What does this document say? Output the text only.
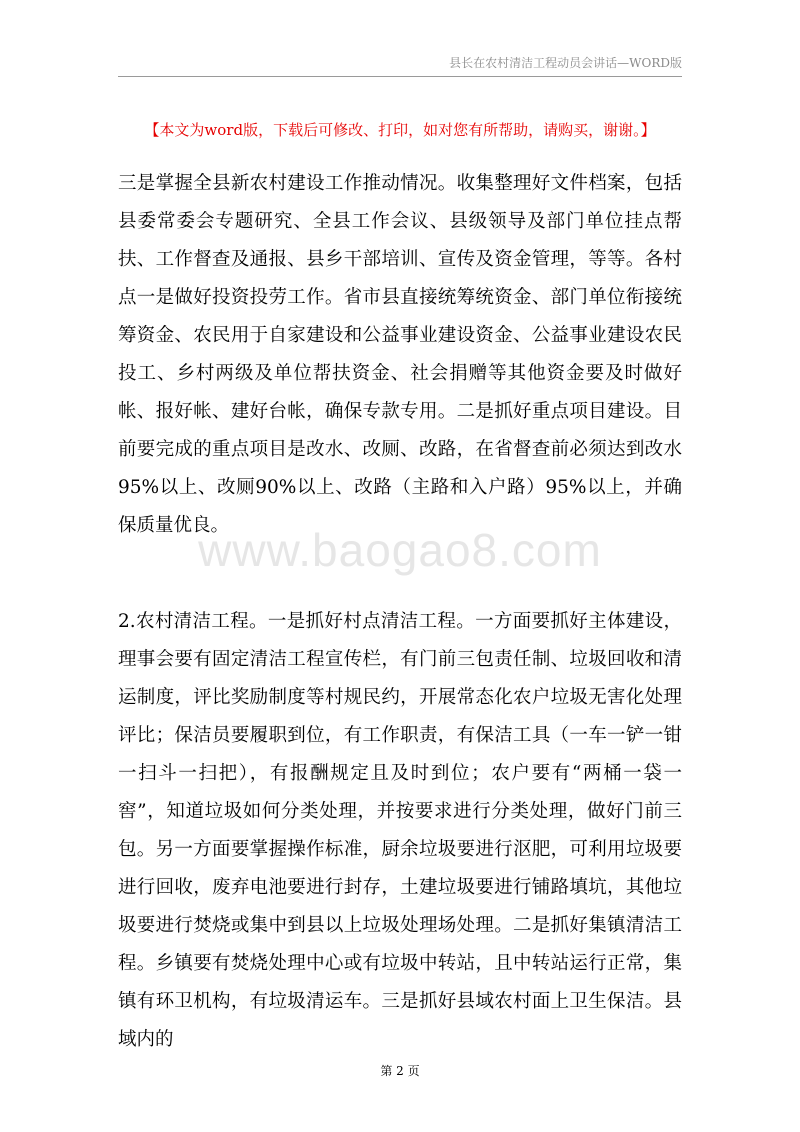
县长在农村清洁工程动员会讲话—WORD版
【本文为word版，下载后可修改、打印，如对您有所帮助，请购买，谢谢。】

三是掌握全县新农村建设工作推动情况。收集整理好文件档案，包括县委常委会专题研究、全县工作会议、县级领导及部门单位挂点帮扶、工作督查及通报、县乡干部培训、宣传及资金管理，等等。各村点一是做好投资投劳工作。省市县直接统筹统资金、部门单位衔接统筹资金、农民用于自家建设和公益事业建设资金、公益事业建设农民投工、乡村两级及单位帮扶资金、社会捐赠等其他资金要及时做好帐、报好帐、建好台帐，确保专款专用。二是抓好重点项目建设。目前要完成的重点项目是改水、改厕、改路，在省督查前必须达到改水95%以上、改厕90%以上、改路（主路和入户路）95%以上，并确保质量优良。

2.农村清洁工程。一是抓好村点清洁工程。一方面要抓好主体建设，理事会要有固定清洁工程宣传栏，有门前三包责任制、垃圾回收和清运制度，评比奖励制度等村规民约，开展常态化农户垃圾无害化处理评比；保洁员要履职到位，有工作职责，有保洁工具（一车一铲一钳一扫斗一扫把），有报酬规定且及时到位；农户要有“两桶一袋一窖”，知道垃圾如何分类处理，并按要求进行分类处理，做好门前三包。另一方面要掌握操作标准，厨余垃圾要进行沤肥，可利用垃圾要进行回收，废弃电池要进行封存，土建垃圾要进行铺路填坑，其他垃圾要进行焚烧或集中到县以上垃圾处理场处理。二是抓好集镇清洁工程。乡镇要有焚烧处理中心或有垃圾中转站，且中转站运行正常，集镇有环卫机构，有垃圾清运车。三是抓好县域农村面上卫生保洁。县域内的

www.baogao8.com
第 2 页
